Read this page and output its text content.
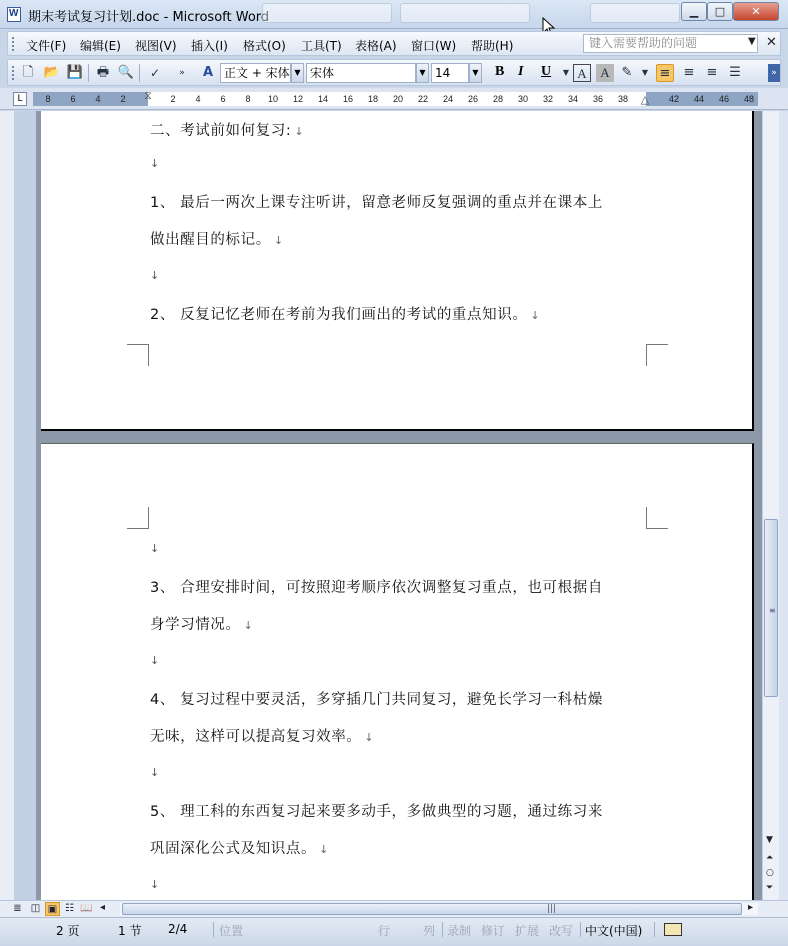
W
期末考试复习计划.doc - Microsoft Word	▁	□	✕
文件(F) 编辑(E) 视图(V) 插入(I) 格式(O) 工具(T) 表格(A) 窗口(W) 帮助(H)	键入需要帮助的问题	▼ ✕
🗋 📂 💾 🖶 🔍	✓	»	A 正文 + 宋体 ▼ 宋体	▼ 14	▼ B I U	▼ A	A ✎	▼ ≡ ≡ ≡ ☰	»
L	8 6 4 2	2 4 6 8 10 12 14 16 18 20 22 24 26 28 30 32 34 36 38	42 44 46 48
⧖	△
二、考试前如何复习: ↓
↓
1、 最后一两次上课专注听讲，留意老师反复强调的重点并在课本上
做出醒目的标记。 ↓
↓
2、 反复记忆老师在考前为我们画出的考试的重点知识。 ↓
↓
3、 合理安排时间，可按照迎考顺序依次调整复习重点，也可根据自
身学习情况。 ↓
↓
4、 复习过程中要灵活，多穿插几门共同复习，避免长学习一科枯燥
无味，这样可以提高复习效率。 ↓
↓
5、 理工科的东西复习起来要多动手，多做典型的习题，通过练习来
巩固深化公式及知识点。 ↓
↓
≡
▼
⏶
○
⏷
≣ ◫ ▣ ☷ 📖 ◂	|||	▸
2 页	1 节 2/4	位置	行	列 录制 修订 扩展 改写 中文(中国)
